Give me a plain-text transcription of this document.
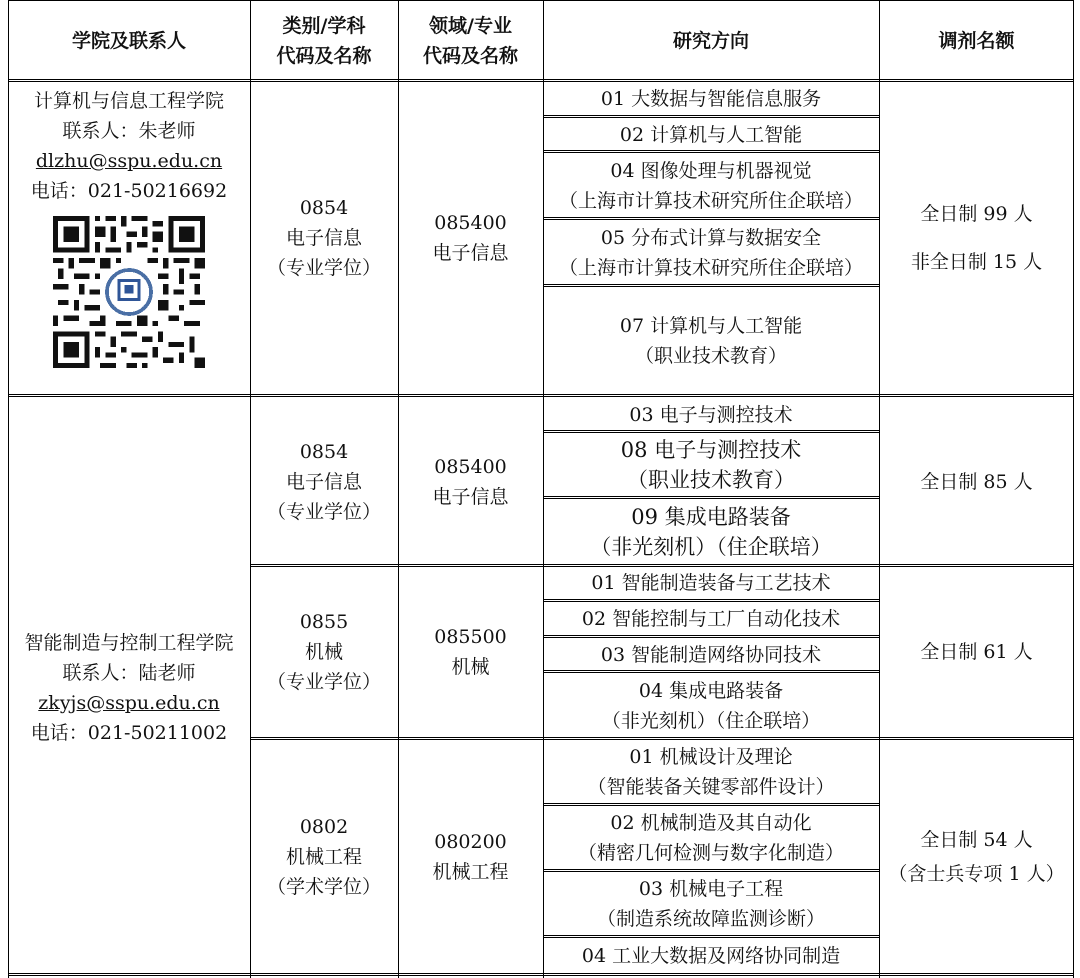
学院及联系人
类别/学科
代码及名称
领域/专业
代码及名称
研究方向	调剂名额
计算机与信息工程学院
联系人：朱老师
dlzhu@sspu.edu.cn
电话：021-50216692
0854
电子信息
（专业学位）
085400
电子信息
01 大数据与智能信息服务
02 计算机与人工智能
04 图像处理与机器视觉
（上海市计算技术研究所住企联培）
05 分布式计算与数据安全
（上海市计算技术研究所住企联培）
07 计算机与人工智能
（职业技术教育）
全日制 99 人
非全日制 15 人
智能制造与控制工程学院
联系人：陆老师
zkyjs@sspu.edu.cn
电话：021-50211002
0854
电子信息
（专业学位）
085400
电子信息
03 电子与测控技术
08 电子与测控技术
（职业技术教育）
09 集成电路装备
（非光刻机）（住企联培）
全日制 85 人
0855
机械
（专业学位）
085500
机械
01 智能制造装备与工艺技术
02 智能控制与工厂自动化技术
03 智能制造网络协同技术
04 集成电路装备
（非光刻机）（住企联培）
全日制 61 人
0802
机械工程
（学术学位）
080200
机械工程
01 机械设计及理论
（智能装备关键零部件设计）
02 机械制造及其自动化
（精密几何检测与数字化制造）
03 机械电子工程
（制造系统故障监测诊断）
04 工业大数据及网络协同制造
全日制 54 人
（含士兵专项 1 人）
